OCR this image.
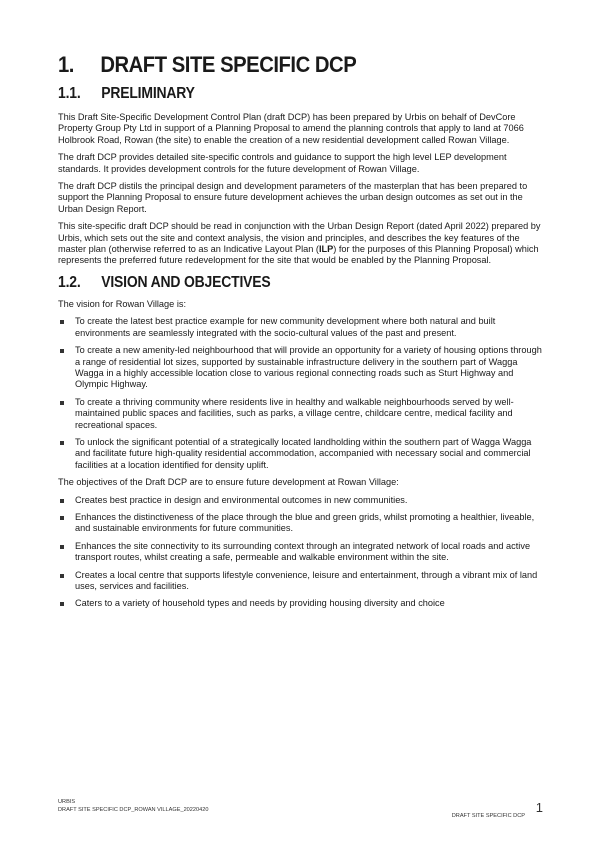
1.	DRAFT SITE SPECIFIC DCP
1.1.	PRELIMINARY

This Draft Site-Specific Development Control Plan (draft DCP) has been prepared by Urbis on behalf of DevCore Property Group Pty Ltd in support of a Planning Proposal to amend the planning controls that apply to land at 7066 Holbrook Road, Rowan (the site) to enable the creation of a new residential development called Rowan Village.

The draft DCP provides detailed site-specific controls and guidance to support the high level LEP development standards. It provides development controls for the future development of Rowan Village.

The draft DCP distils the principal design and development parameters of the masterplan that has been prepared to support the Planning Proposal to ensure future development achieves the urban design outcomes as set out in the Urban Design Report.

This site-specific draft DCP should be read in conjunction with the Urban Design Report (dated April 2022) prepared by Urbis, which sets out the site and context analysis, the vision and principles, and describes the key features of the master plan (otherwise referred to as an Indicative Layout Plan (ILP) for the purposes of this Planning Proposal) which represents the preferred future redevelopment for the site that would be enabled by the Planning Proposal.

1.2.	VISION AND OBJECTIVES

The vision for Rowan Village is:

To create the latest best practice example for new community development where both natural and built environments are seamlessly integrated with the socio-cultural values of the past and present.
To create a new amenity-led neighbourhood that will provide an opportunity for a variety of housing options through a range of residential lot sizes, supported by sustainable infrastructure delivery in the southern part of Wagga Wagga in a highly accessible location close to various regional connecting roads such as Sturt Highway and Olympic Highway.
To create a thriving community where residents live in healthy and walkable neighbourhoods served by well-maintained public spaces and facilities, such as parks, a village centre, childcare centre, medical facility and recreational spaces.
To unlock the significant potential of a strategically located landholding within the southern part of Wagga Wagga and facilitate future high-quality residential accommodation, accompanied with necessary social and commercial facilities at a location identified for density uplift.

The objectives of the Draft DCP are to ensure future development at Rowan Village:

Creates best practice in design and environmental outcomes in new communities.
Enhances the distinctiveness of the place through the blue and green grids, whilst promoting a healthier, liveable, and sustainable environments for future communities.
Enhances the site connectivity to its surrounding context through an integrated network of local roads and active transport routes, whilst creating a safe, permeable and walkable environment within the site.
Creates a local centre that supports lifestyle convenience, leisure and entertainment, through a vibrant mix of land uses, services and facilities.
Caters to a variety of household types and needs by providing housing diversity and choice
URBIS
DRAFT SITE SPECIFIC DCP_ROWAN VILLAGE_20220420
DRAFT SITE SPECIFIC DCP
1
